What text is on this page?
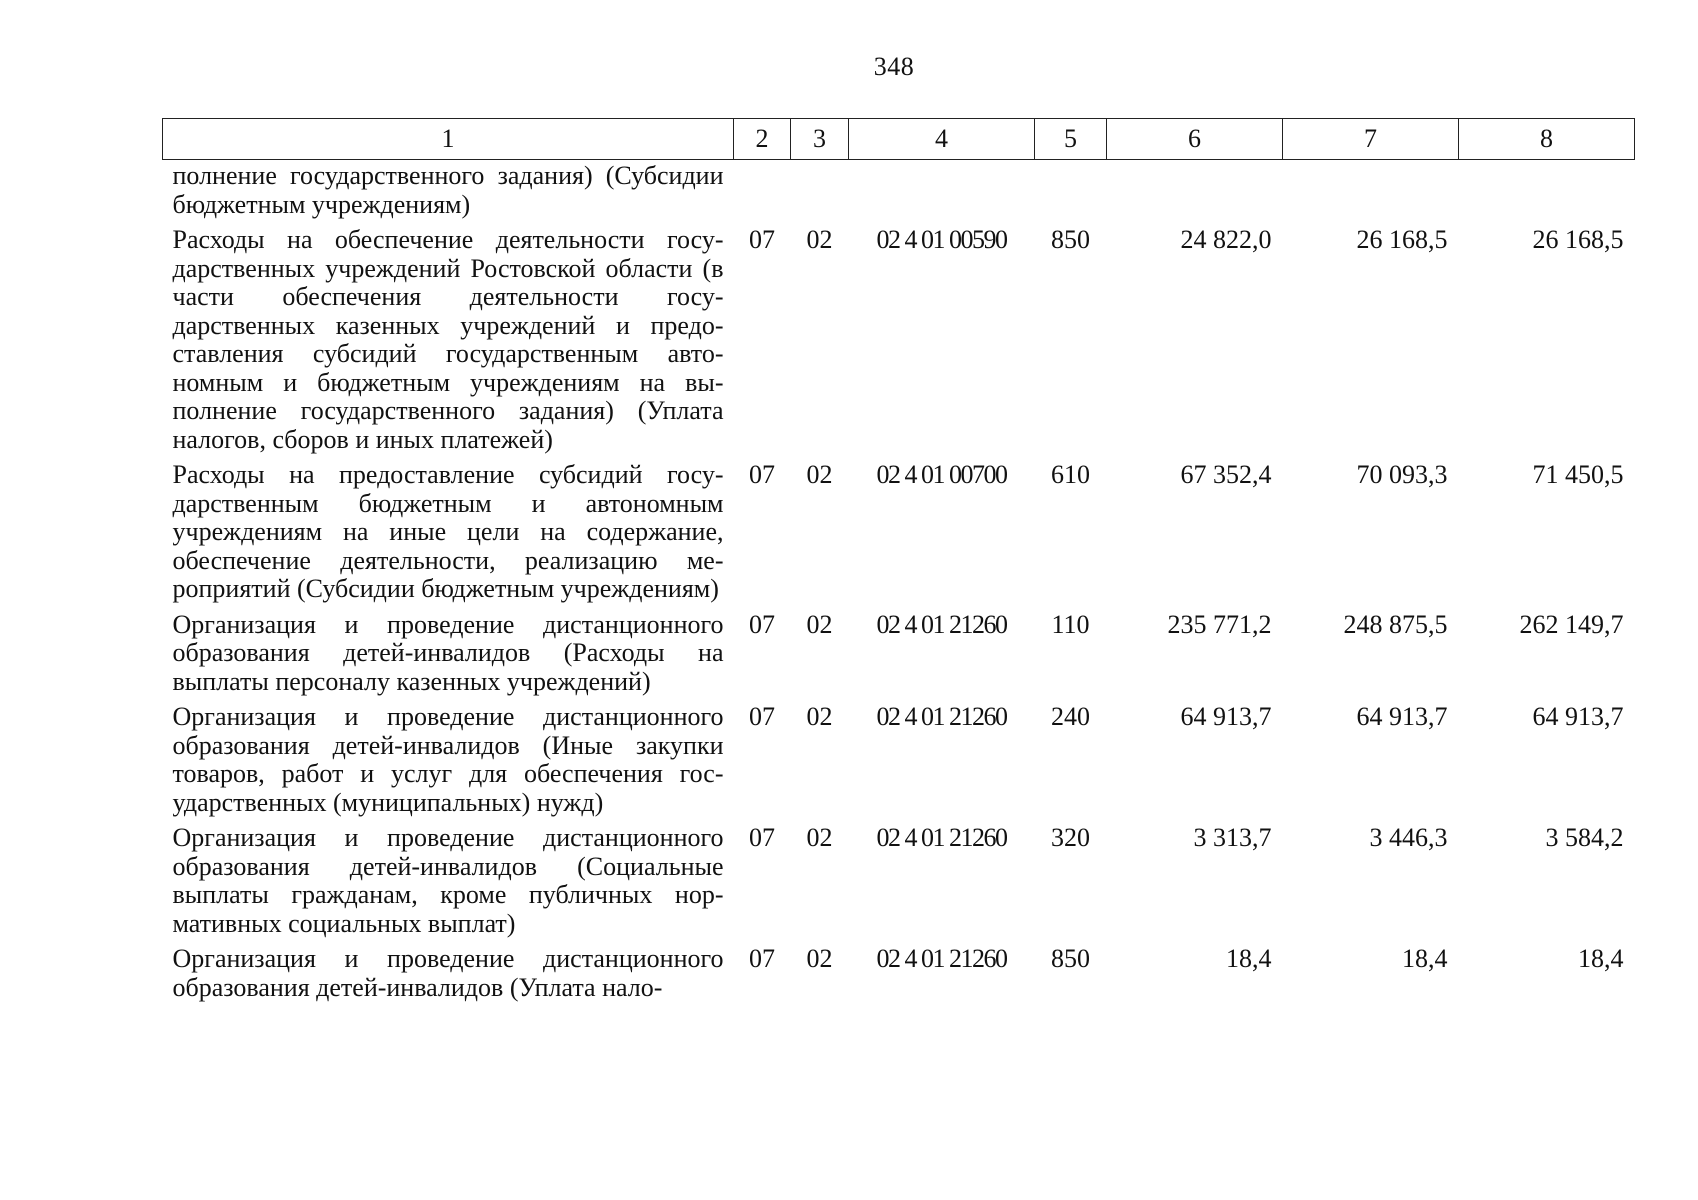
348
1	2	3	4	5	6	7	8
полнение государственного задания) (Субсидии бюджетным учреждениям)							
Расходы на обеспечение деятельности государственных учреждений Ростовской области (в части обеспечения деятельности государственных казенных учреждений и предоставления субсидий государственным автономным и бюджетным учреждениям на выполнение государственного задания) (Уплата налогов, сборов и иных платежей)	07	02	02 4 01 00590	850	24 822,0	26 168,5	26 168,5
Расходы на предоставление субсидий государственным бюджетным и автономным учреждениям на иные цели на содержание, обеспечение деятельности, реализацию мероприятий (Субсидии бюджетным учреждениям)	07	02	02 4 01 00700	610	67 352,4	70 093,3	71 450,5
Организация и проведение дистанционного образования детей-инвалидов (Расходы на выплаты персоналу казенных учреждений)	07	02	02 4 01 21260	110	235 771,2	248 875,5	262 149,7
Организация и проведение дистанционного образования детей-инвалидов (Иные закупки товаров, работ и услуг для обеспечения государственных (муниципальных) нужд)	07	02	02 4 01 21260	240	64 913,7	64 913,7	64 913,7
Организация и проведение дистанционного образования детей-инвалидов (Социальные выплаты гражданам, кроме публичных нормативных социальных выплат)	07	02	02 4 01 21260	320	3 313,7	3 446,3	3 584,2
Организация и проведение дистанционного образования детей-инвалидов (Уплата нало-	07	02	02 4 01 21260	850	18,4	18,4	18,4
